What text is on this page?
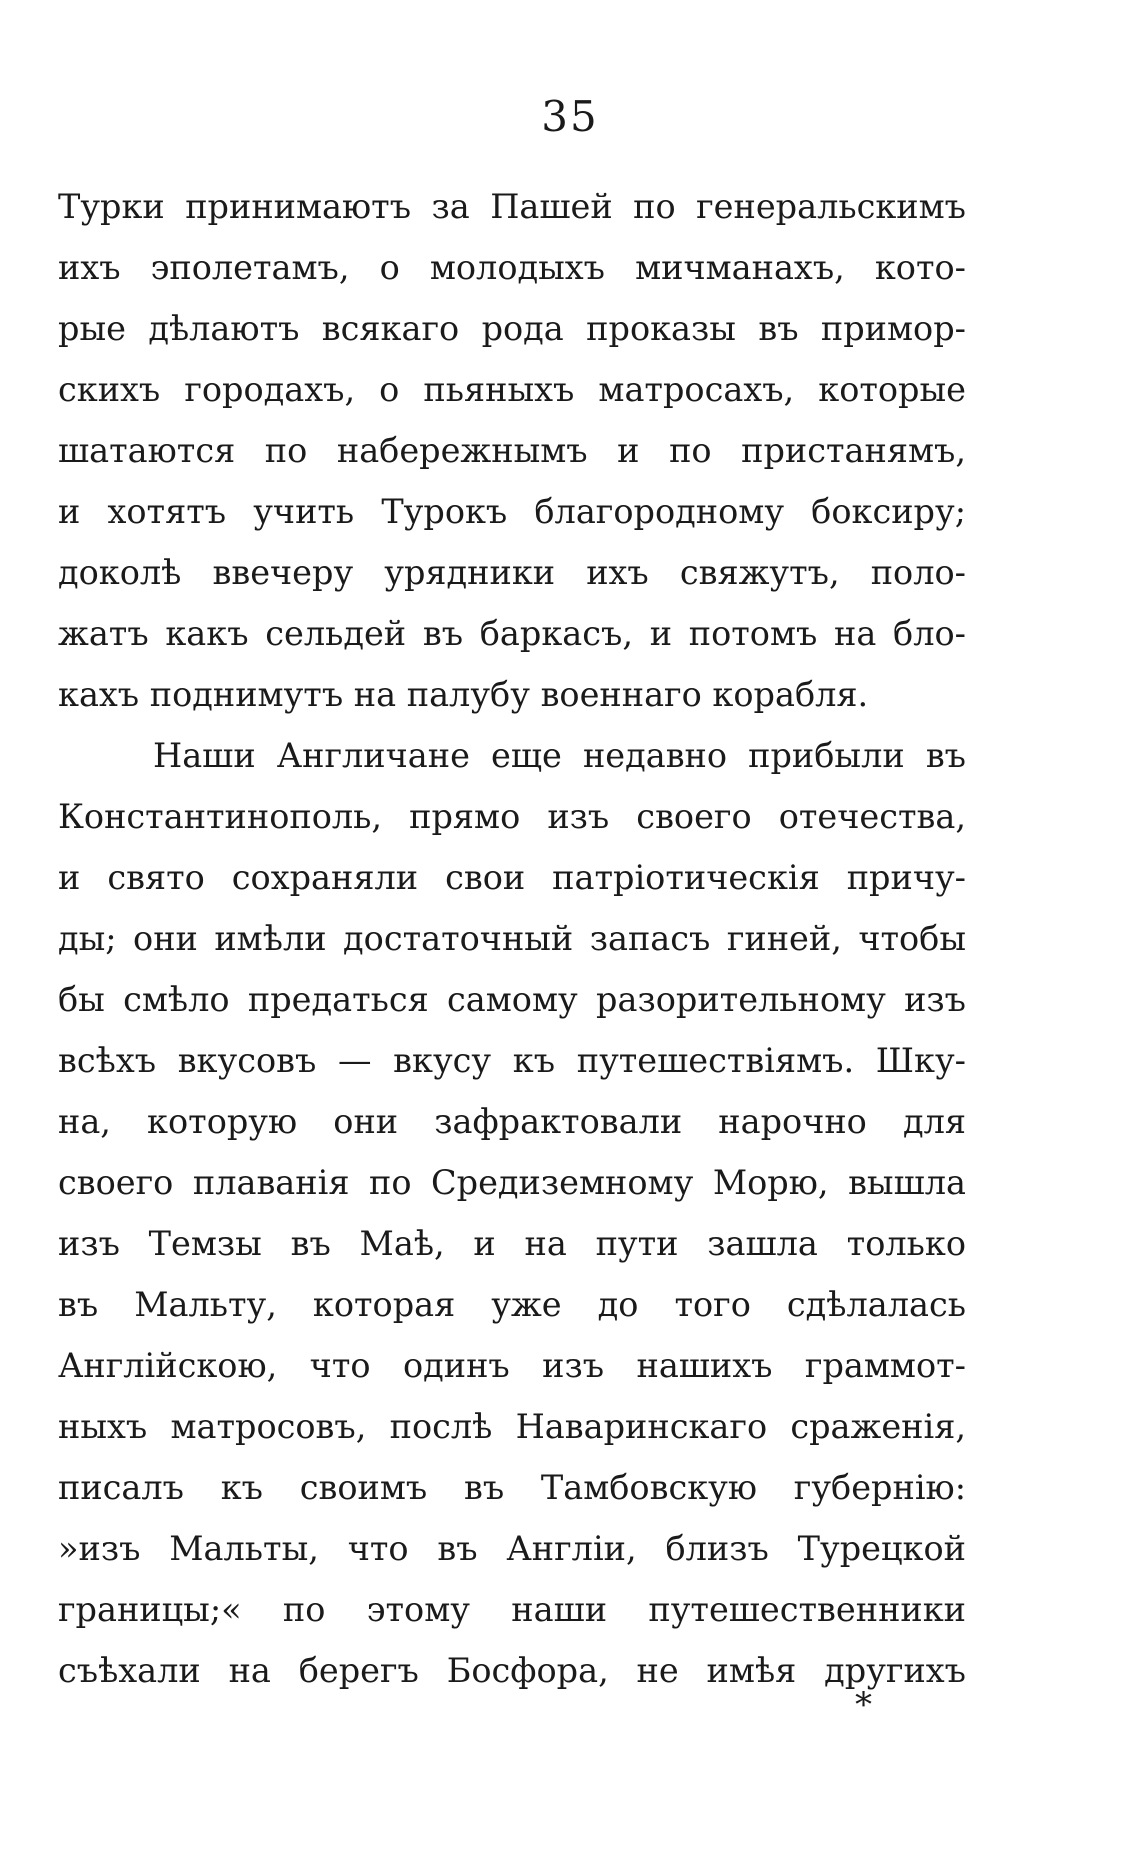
35
Турки принимаютъ за Пашей по генеральскимъ
ихъ эполетамъ, о молодыхъ мичманахъ, кото-
рые дѣлаютъ всякаго рода проказы въ примор-
скихъ городахъ, о пьяныхъ матросахъ, которые
шатаются по набережнымъ и по пристанямъ,
и хотятъ учить Турокъ благородному боксиру;
доколѣ ввечеру урядники ихъ свяжутъ, поло-
жатъ какъ сельдей въ баркасъ, и потомъ на бло-
кахъ поднимутъ на палубу военнаго корабля.
Наши Англичане еще недавно прибыли въ
Константинополь, прямо изъ своего отечества,
и свято сохраняли свои патріотическія причу-
ды; они имѣли достаточный запасъ гиней, чтобы
бы смѣло предаться самому разорительному изъ
всѣхъ вкусовъ — вкусу къ путешествіямъ. Шку-
на, которую они зафрактовали нарочно для
своего плаванія по Средиземному Морю, вышла
изъ Темзы въ Маѣ, и на пути зашла только
въ Мальту, которая уже до того сдѣлалась
Англійскою, что одинъ изъ нашихъ граммот-
ныхъ матросовъ, послѣ Наваринскаго сраженія,
писалъ къ своимъ въ Тамбовскую губернію:
»изъ Мальты, что въ Англіи, близъ Турецкой
границы;« по этому наши путешественники
съѣхали на берегъ Босфора, не имѣя другихъ
*
